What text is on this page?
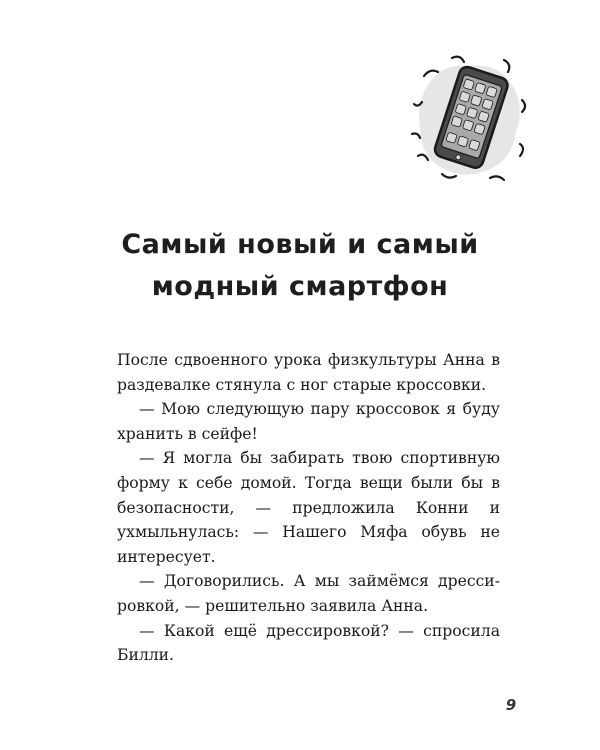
Самый новый и самый
модный смартфон

После сдвоенного урока физкультуры Анна в раздевалке стянула с ног старые кроссовки.

— Мою следующую пару кроссовок я буду хранить в сейфе!

— Я могла бы забирать твою спортивную форму к себе домой. Тогда вещи были бы в безопасности, — предложила Конни и ухмыльнулась: — Нашего Мяфа обувь не интересует.

— Договорились. А мы займёмся дрессировкой, — решительно заявила Анна.

— Какой ещё дрессировкой? — спросила Билли.

9
